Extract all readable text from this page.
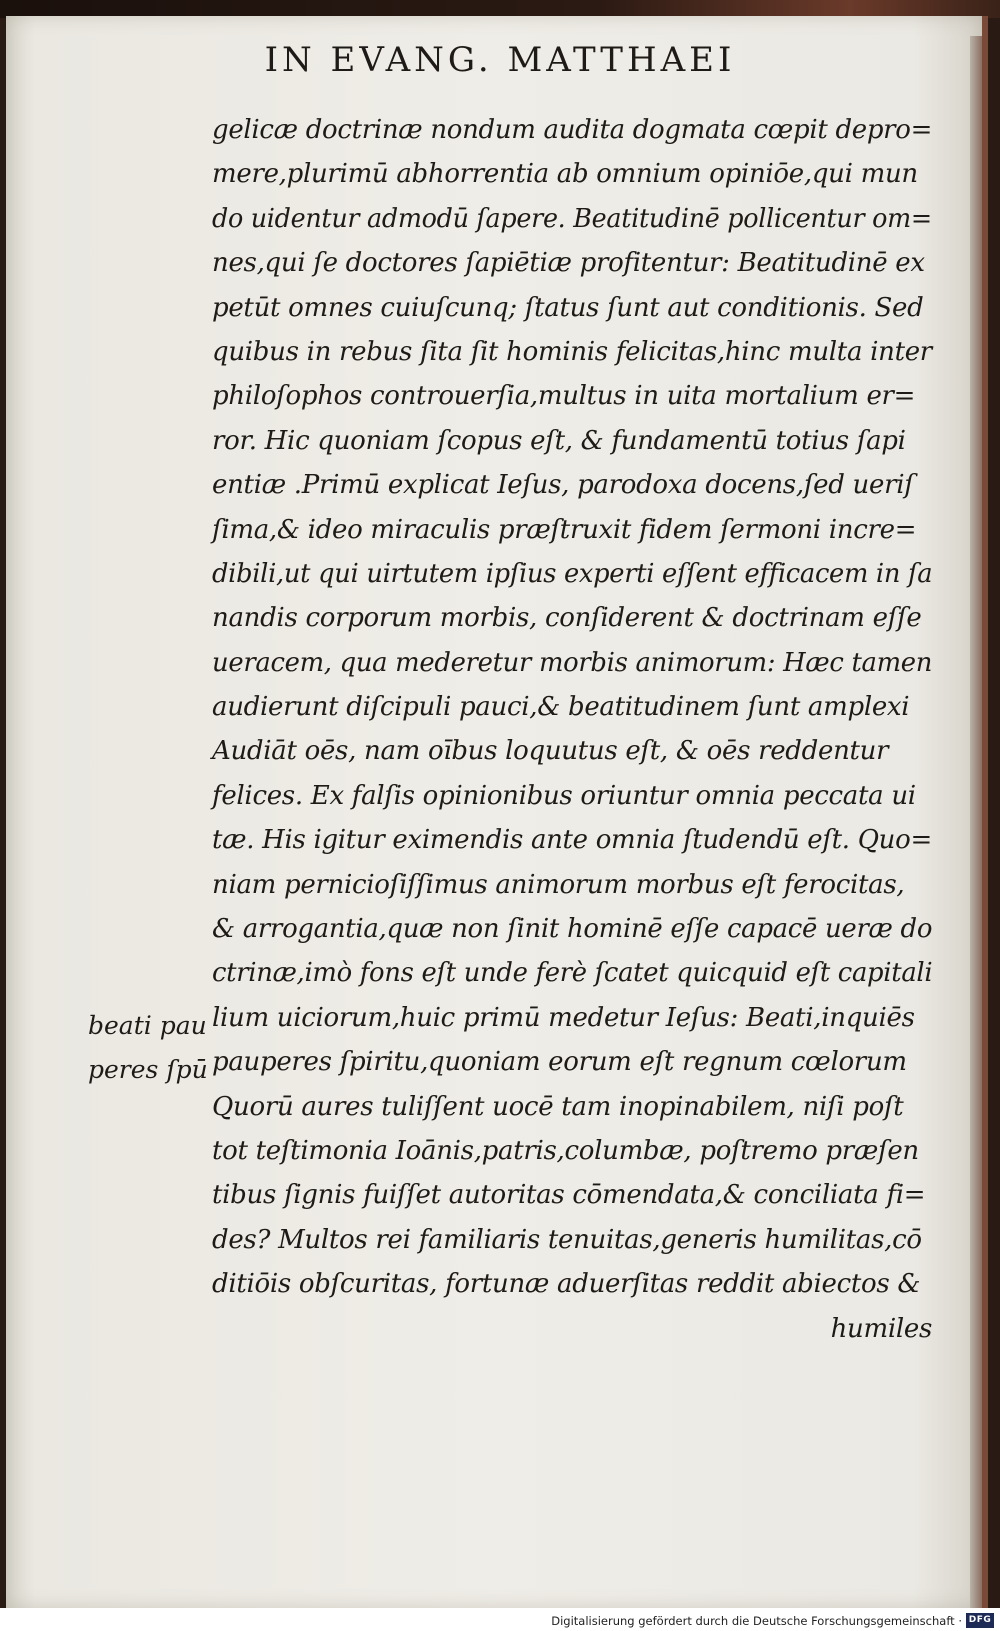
IN EVANG. MATTHAEI
gelicæ doctrinæ nondum audita dogmata cœpit depro=
mere,plurimū abhorrentia ab omnium opiniōe,qui mun
do uidentur admodū ſapere. Beatitudinē pollicentur om=
nes,qui ſe doctores ſapiētiæ profitentur: Beatitudinē ex
petūt omnes cuiuſcunq; ſtatus ſunt aut conditionis. Sed
quibus in rebus ſita ſit hominis felicitas,hinc multa inter
philoſophos controuerſia,multus in uita mortalium er=
ror. Hic quoniam ſcopus eſt, & fundamentū totius ſapi
entiæ .Primū explicat Ieſus, parodoxa docens,ſed ueriſ
ſima,& ideo miraculis præſtruxit fidem ſermoni incre=
dibili,ut qui uirtutem ipſius experti eſſent efficacem in ſa
nandis corporum morbis, conſiderent & doctrinam eſſe
ueracem, qua mederetur morbis animorum: Hæc tamen
audierunt diſcipuli pauci,& beatitudinem ſunt amplexi
Audiāt oēs, nam oībus loquutus eſt, & oēs reddentur
felices. Ex falſis opinionibus oriuntur omnia peccata ui
tæ. His igitur eximendis ante omnia ſtudendū eſt. Quo=
niam pernicioſiſſimus animorum morbus eſt ferocitas,
& arrogantia,quæ non ſinit hominē eſſe capacē ueræ do
ctrinæ,imò fons eſt unde ferè ſcatet quicquid eſt capitali
lium uiciorum,huic primū medetur Ieſus: Beati,inquiēs
pauperes ſpiritu,quoniam eorum eſt regnum cœlorum
Quorū aures tuliſſent uocē tam inopinabilem, niſi poſt
tot teſtimonia Ioānis,patris,columbæ, poſtremo præſen
tibus ſignis fuiſſet autoritas cōmendata,& conciliata fi=
des? Multos rei familiaris tenuitas,generis humilitas,cō
ditiōis obſcuritas, fortunæ aduerſitas reddit abiectos &
humiles
beati pau
peres ſpū
Digitalisierung gefördert durch die Deutsche Forschungsgemeinschaft · DFG
